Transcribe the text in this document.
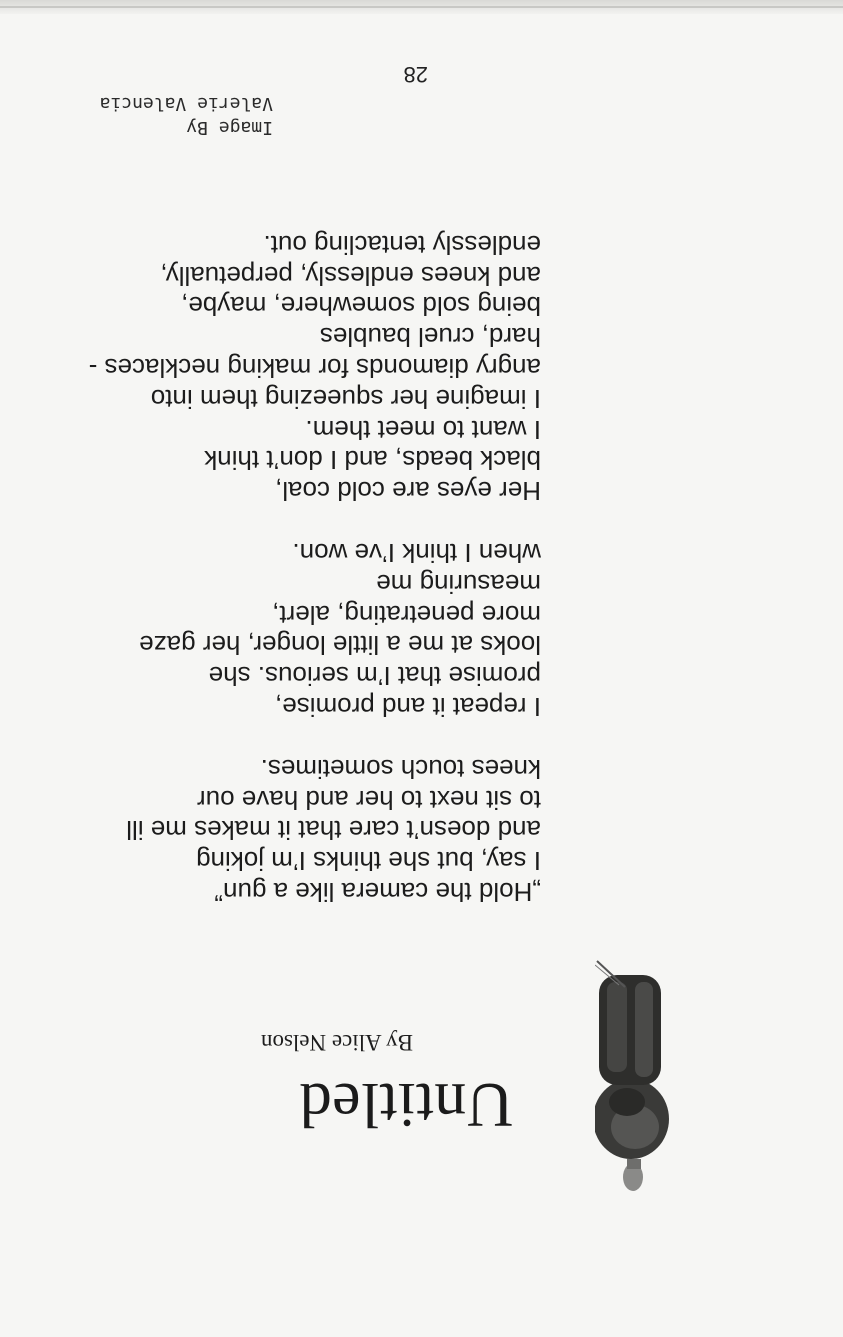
Untitled
By Alice Nelson
„Hold the camera like a gun”
I say, but she thinks I’m joking
and doesn’t care that it makes me ill
to sit next to her and have our
knees touch sometimes.
I repeat it and promise,
promise that I’m serious. she
looks at me a little longer, her gaze
more penetrating, alert,
measuring me
when I think I’ve won.
Her eyes are cold coal,
black beads, and I don’t think
I want to meet them.
I imagine her squeezing them into
angry diamonds for making necklaces -
hard, cruel baubles
being sold somewhere, maybe,
and knees endlessly, perpetually,
endlessly tentacling out.
Image By
Valerie Valencia
28
